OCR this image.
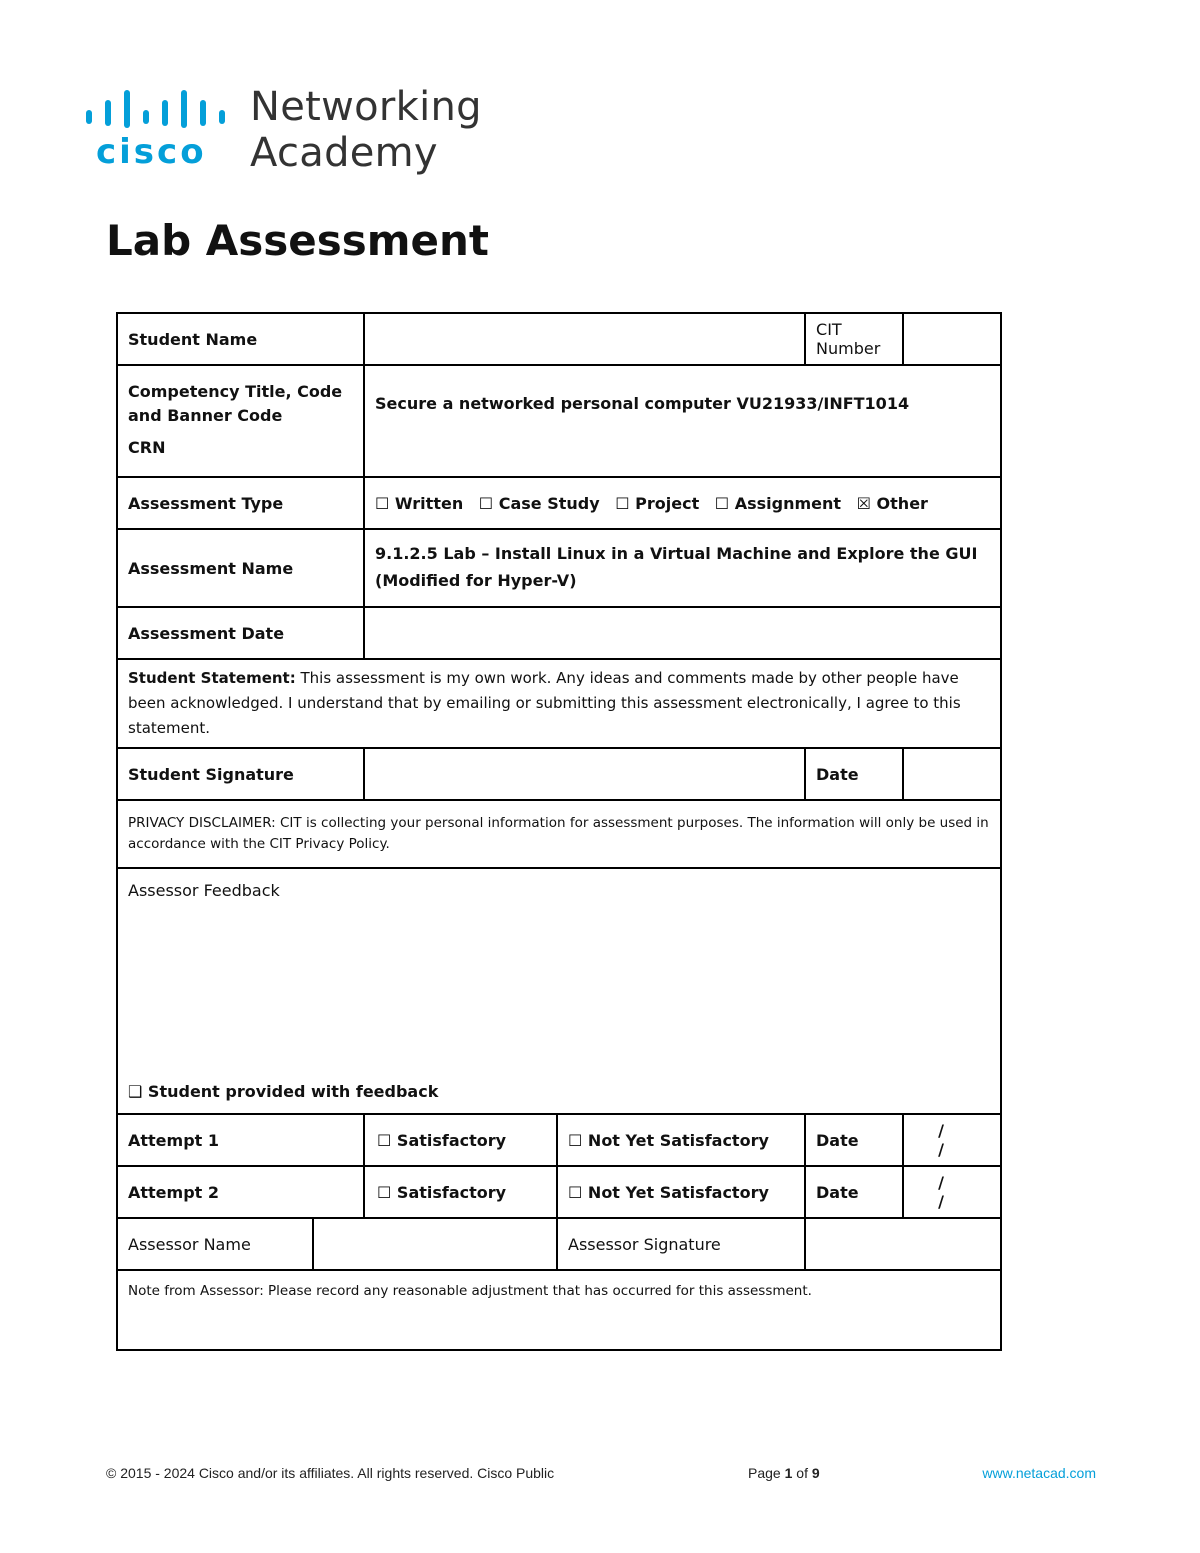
cisco
Networking
Academy
Lab Assessment
Student Name				CIT Number	

Competency Title, Code and Banner Code
CRN		Secure a networked personal computer VU21933/INFT1014			
Assessment Type		☐ Written ☐ Case Study ☐ Project ☐ Assignment ☒ Other			
Assessment Name		9.1.2.5 Lab – Install Linux in a Virtual Machine and Explore the GUI (Modified for Hyper-V)			
Assessment Date					
Student Statement: This assessment is my own work. Any ideas and comments made by other people have been acknowledged. I understand that by emailing or submitting this assessment electronically, I agree to this statement.					
Student Signature				Date	
PRIVACY DISCLAIMER: CIT is collecting your personal information for assessment purposes. The information will only be used in accordance with the CIT Privacy Policy.					

Assessor Feedback
❑ Student provided with feedback					

Attempt 1		☐ Satisfactory	☐ Not Yet Satisfactory	Date	/ /
Attempt 2		☐ Satisfactory	☐ Not Yet Satisfactory	Date	/ /
Assessor Name			Assessor Signature		
Note from Assessor: Please record any reasonable adjustment that has occurred for this assessment.					
© 2015 - 2024 Cisco and/or its affiliates. All rights reserved. Cisco Public	Page 1 of 9	www.netacad.com
